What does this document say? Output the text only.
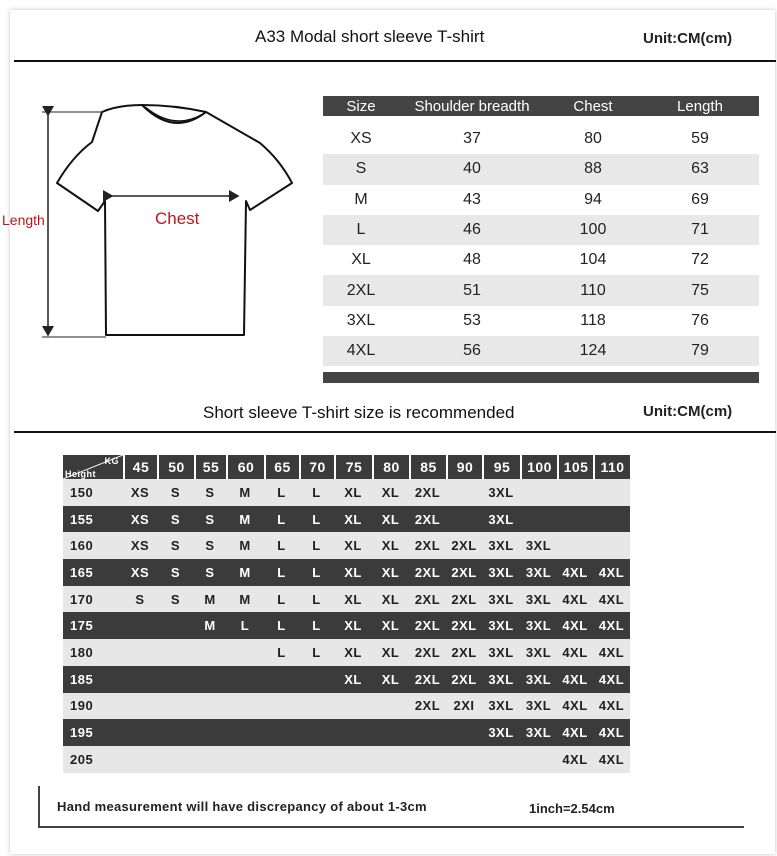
A33 Modal short sleeve T-shirt	Unit:CM(cm)
Length	Chest
Size	Shoulder breadth	Chest	Length

XS	37	80	59
S	40	88	63
M	43	94	69
L	46	100	71
XL	48	104	72
2XL	51	110	75
3XL	53	118	76
4XL	56	124	79
Short sleeve T-shirt size is recommended	Unit:CM(cm)
KG
Height	45	50	55	60	65	70	75	80	85	90	95	100	105	110
150	XS	S	S	M	L	L	XL	XL	2XL		3XL			
155	XS	S	S	M	L	L	XL	XL	2XL		3XL			
160	XS	S	S	M	L	L	XL	XL	2XL	2XL	3XL	3XL		
165	XS	S	S	M	L	L	XL	XL	2XL	2XL	3XL	3XL	4XL	4XL
170	S	S	M	M	L	L	XL	XL	2XL	2XL	3XL	3XL	4XL	4XL
175			M	L	L	L	XL	XL	2XL	2XL	3XL	3XL	4XL	4XL
180					L	L	XL	XL	2XL	2XL	3XL	3XL	4XL	4XL
185							XL	XL	2XL	2XL	3XL	3XL	4XL	4XL
190									2XL	2XI	3XL	3XL	4XL	4XL
195											3XL	3XL	4XL	4XL
205													4XL	4XL
Hand measurement will have discrepancy of about 1-3cm	1inch=2.54cm
